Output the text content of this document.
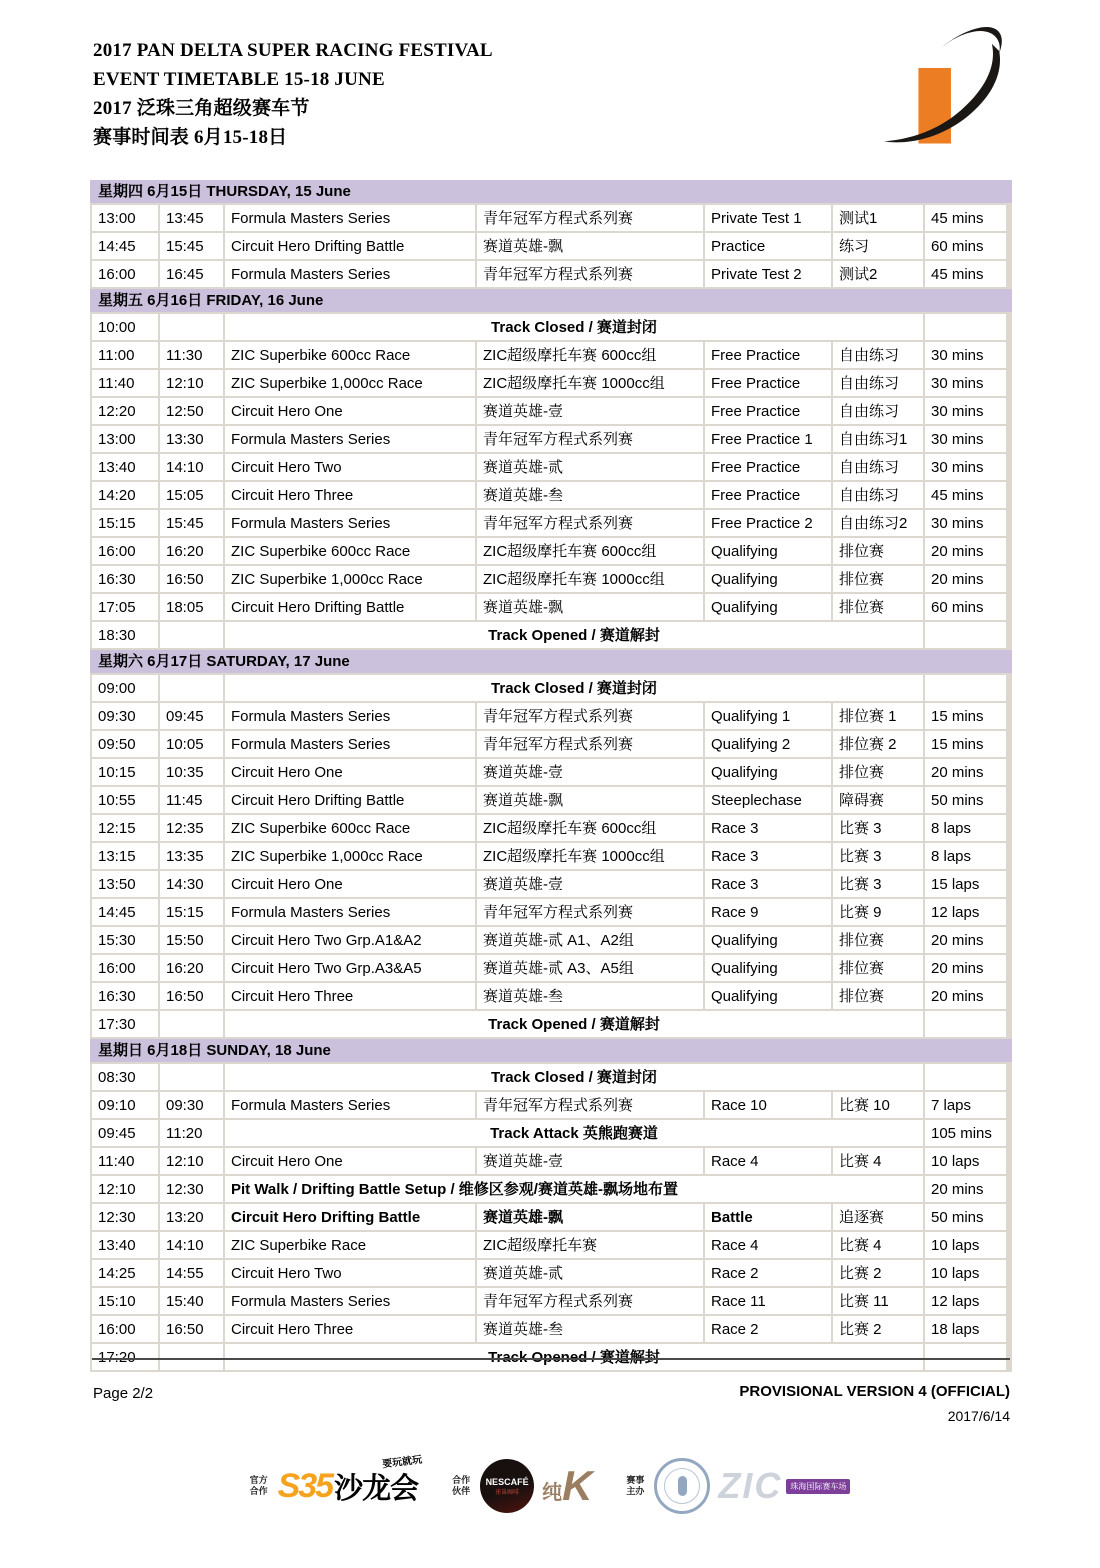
2017 PAN DELTA SUPER RACING FESTIVAL
EVENT TIMETABLE 15-18 JUNE
2017 泛珠三角超级赛车节
赛事时间表 6月15-18日
星期四 6月15日 THURSDAY, 15 June
13:00	13:45	Formula Masters Series	青年冠军方程式系列赛	Private Test 1	测试1	45 mins
14:45	15:45	Circuit Hero Drifting Battle	赛道英雄-飘	Practice	练习	60 mins
16:00	16:45	Formula Masters Series	青年冠军方程式系列赛	Private Test 2	测试2	45 mins
星期五 6月16日 FRIDAY, 16 June
10:00	Track Closed / 赛道封闭
11:00	11:30	ZIC Superbike 600cc Race	ZIC超级摩托车赛 600cc组	Free Practice	自由练习	30 mins
11:40	12:10	ZIC Superbike 1,000cc Race	ZIC超级摩托车赛 1000cc组	Free Practice	自由练习	30 mins
12:20	12:50	Circuit Hero One	赛道英雄-壹	Free Practice	自由练习	30 mins
13:00	13:30	Formula Masters Series	青年冠军方程式系列赛	Free Practice 1	自由练习1	30 mins
13:40	14:10	Circuit Hero Two	赛道英雄-贰	Free Practice	自由练习	30 mins
14:20	15:05	Circuit Hero Three	赛道英雄-叁	Free Practice	自由练习	45 mins
15:15	15:45	Formula Masters Series	青年冠军方程式系列赛	Free Practice 2	自由练习2	30 mins
16:00	16:20	ZIC Superbike 600cc Race	ZIC超级摩托车赛 600cc组	Qualifying	排位赛	20 mins
16:30	16:50	ZIC Superbike 1,000cc Race	ZIC超级摩托车赛 1000cc组	Qualifying	排位赛	20 mins
17:05	18:05	Circuit Hero Drifting Battle	赛道英雄-飘	Qualifying	排位赛	60 mins
18:30	Track Opened / 赛道解封
星期六 6月17日 SATURDAY, 17 June
09:00	Track Closed / 赛道封闭
09:30	09:45	Formula Masters Series	青年冠军方程式系列赛	Qualifying 1	排位赛 1	15 mins
09:50	10:05	Formula Masters Series	青年冠军方程式系列赛	Qualifying 2	排位赛 2	15 mins
10:15	10:35	Circuit Hero One	赛道英雄-壹	Qualifying	排位赛	20 mins
10:55	11:45	Circuit Hero Drifting Battle	赛道英雄-飘	Steeplechase	障碍赛	50 mins
12:15	12:35	ZIC Superbike 600cc Race	ZIC超级摩托车赛 600cc组	Race 3	比赛 3	8 laps
13:15	13:35	ZIC Superbike 1,000cc Race	ZIC超级摩托车赛 1000cc组	Race 3	比赛 3	8 laps
13:50	14:30	Circuit Hero One	赛道英雄-壹	Race 3	比赛 3	15 laps
14:45	15:15	Formula Masters Series	青年冠军方程式系列赛	Race 9	比赛 9	12 laps
15:30	15:50	Circuit Hero Two Grp.A1&A2	赛道英雄-贰 A1、A2组	Qualifying	排位赛	20 mins
16:00	16:20	Circuit Hero Two Grp.A3&A5	赛道英雄-贰 A3、A5组	Qualifying	排位赛	20 mins
16:30	16:50	Circuit Hero Three	赛道英雄-叁	Qualifying	排位赛	20 mins
17:30	Track Opened / 赛道解封
星期日 6月18日 SUNDAY, 18 June
08:30	Track Closed / 赛道封闭
09:10	09:30	Formula Masters Series	青年冠军方程式系列赛	Race 10	比赛 10	7 laps
09:45	11:20	Track Attack 英熊跑赛道	105 mins
11:40	12:10	Circuit Hero One	赛道英雄-壹	Race 4	比赛 4	10 laps
12:10	12:30	Pit Walk / Drifting Battle Setup / 维修区参观/赛道英雄-飘场地布置	20 mins
12:30	13:20	Circuit Hero Drifting Battle	赛道英雄-飘	Battle	追逐赛	50 mins
13:40	14:10	ZIC Superbike Race	ZIC超级摩托车赛	Race 4	比赛 4	10 laps
14:25	14:55	Circuit Hero Two	赛道英雄-贰	Race 2	比赛 2	10 laps
15:10	15:40	Formula Masters Series	青年冠军方程式系列赛	Race 11	比赛 11	12 laps
16:00	16:50	Circuit Hero Three	赛道英雄-叁	Race 2	比赛 2	18 laps
17:20	Track Opened / 赛道解封
Page 2/2	PROVISIONAL VERSION 4 (OFFICIAL)
2017/6/14
官方合作 S35 沙龙会
要玩就玩
合作伙伴
NESCAFÉ
雀巢咖啡 纯 K	赛事主办 ZIC	珠海国际赛车场
